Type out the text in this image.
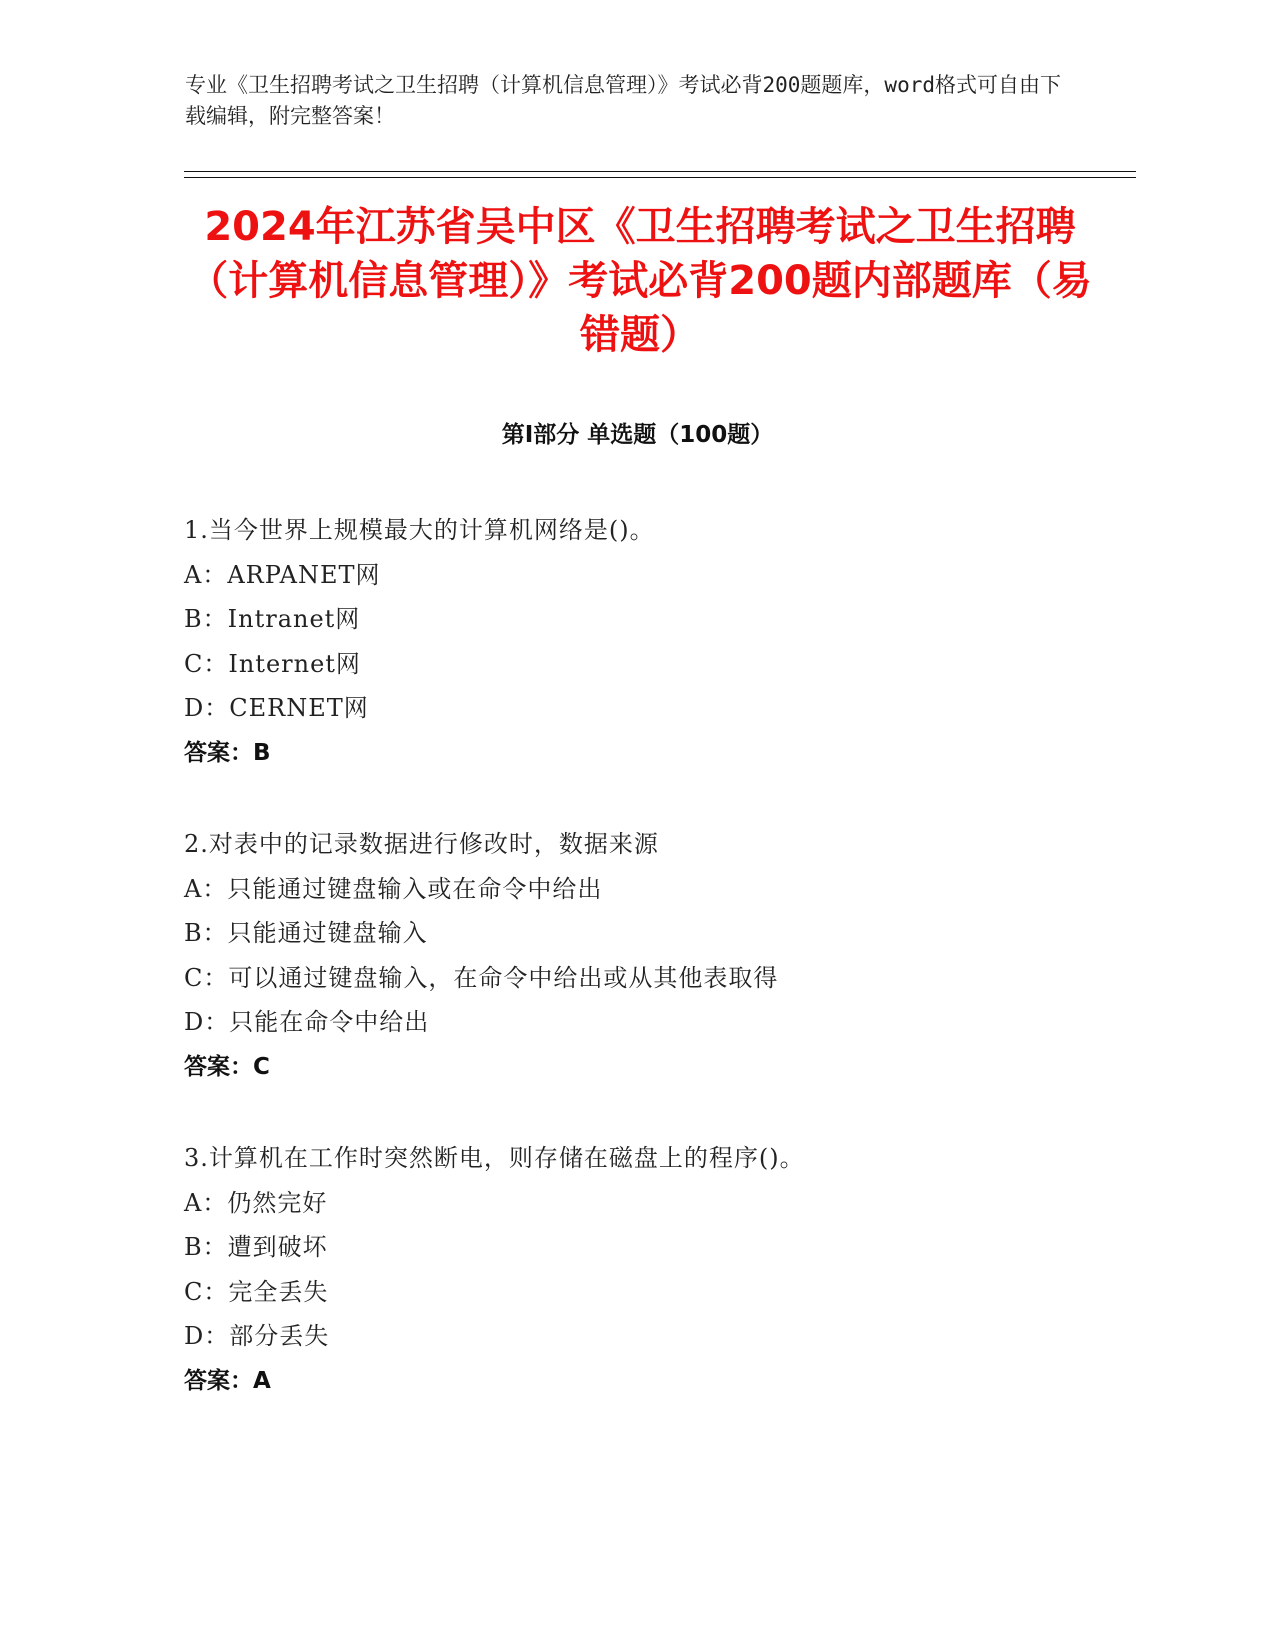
专业《卫生招聘考试之卫生招聘（计算机信息管理）》考试必背200题题库，word格式可自由下载编辑，附完整答案！
2024年江苏省吴中区《卫生招聘考试之卫生招聘（计算机信息管理）》考试必背200题内部题库（易错题）
第Ⅰ部分 单选题（100题）
1.当今世界上规模最大的计算机网络是()。
A：ARPANET网
B：Intranet网
C：Internet网
D：CERNET网
答案：B
2.对表中的记录数据进行修改时，数据来源
A：只能通过键盘输入或在命令中给出
B：只能通过键盘输入
C：可以通过键盘输入，在命令中给出或从其他表取得
D：只能在命令中给出
答案：C
3.计算机在工作时突然断电，则存储在磁盘上的程序()。
A：仍然完好
B：遭到破坏
C：完全丢失
D：部分丢失
答案：A
